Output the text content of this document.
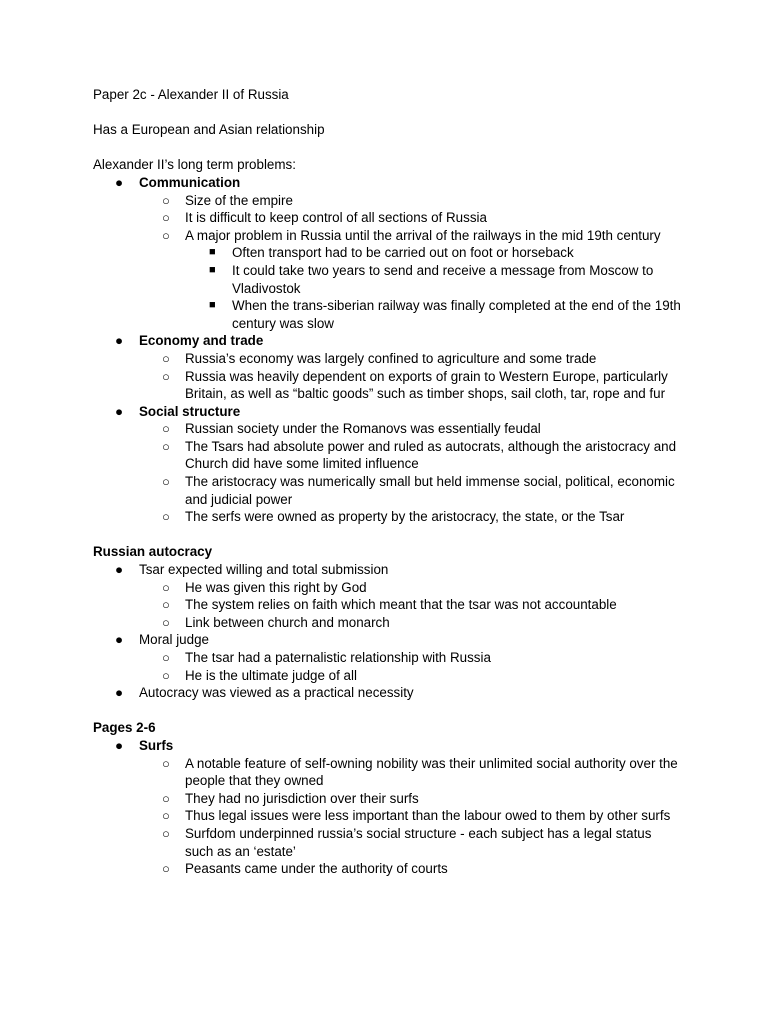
Paper 2c - Alexander II of Russia

Has a European and Asian relationship

Alexander II’s long term problems:

● Communication
○ Size of the empire
○ It is difficult to keep control of all sections of Russia
○ A major problem in Russia until the arrival of the railways in the mid 19th century
■ Often transport had to be carried out on foot or horseback
■ It could take two years to send and receive a message from Moscow to Vladivostok
■ When the trans-siberian railway was finally completed at the end of the 19th century was slow
● Economy and trade
○ Russia’s economy was largely confined to agriculture and some trade
○ Russia was heavily dependent on exports of grain to Western Europe, particularly Britain, as well as “baltic goods” such as timber shops, sail cloth, tar, rope and fur
● Social structure
○ Russian society under the Romanovs was essentially feudal
○ The Tsars had absolute power and ruled as autocrats, although the aristocracy and Church did have some limited influence
○ The aristocracy was numerically small but held immense social, political, economic and judicial power
○ The serfs were owned as property by the aristocracy, the state, or the Tsar

Russian autocracy

● Tsar expected willing and total submission
○ He was given this right by God
○ The system relies on faith which meant that the tsar was not accountable
○ Link between church and monarch
● Moral judge
○ The tsar had a paternalistic relationship with Russia
○ He is the ultimate judge of all
● Autocracy was viewed as a practical necessity

Pages 2-6

● Surfs
○ A notable feature of self-owning nobility was their unlimited social authority over the people that they owned
○ They had no jurisdiction over their surfs
○ Thus legal issues were less important than the labour owed to them by other surfs
○ Surfdom underpinned russia’s social structure - each subject has a legal status such as an ‘estate’
○ Peasants came under the authority of courts
